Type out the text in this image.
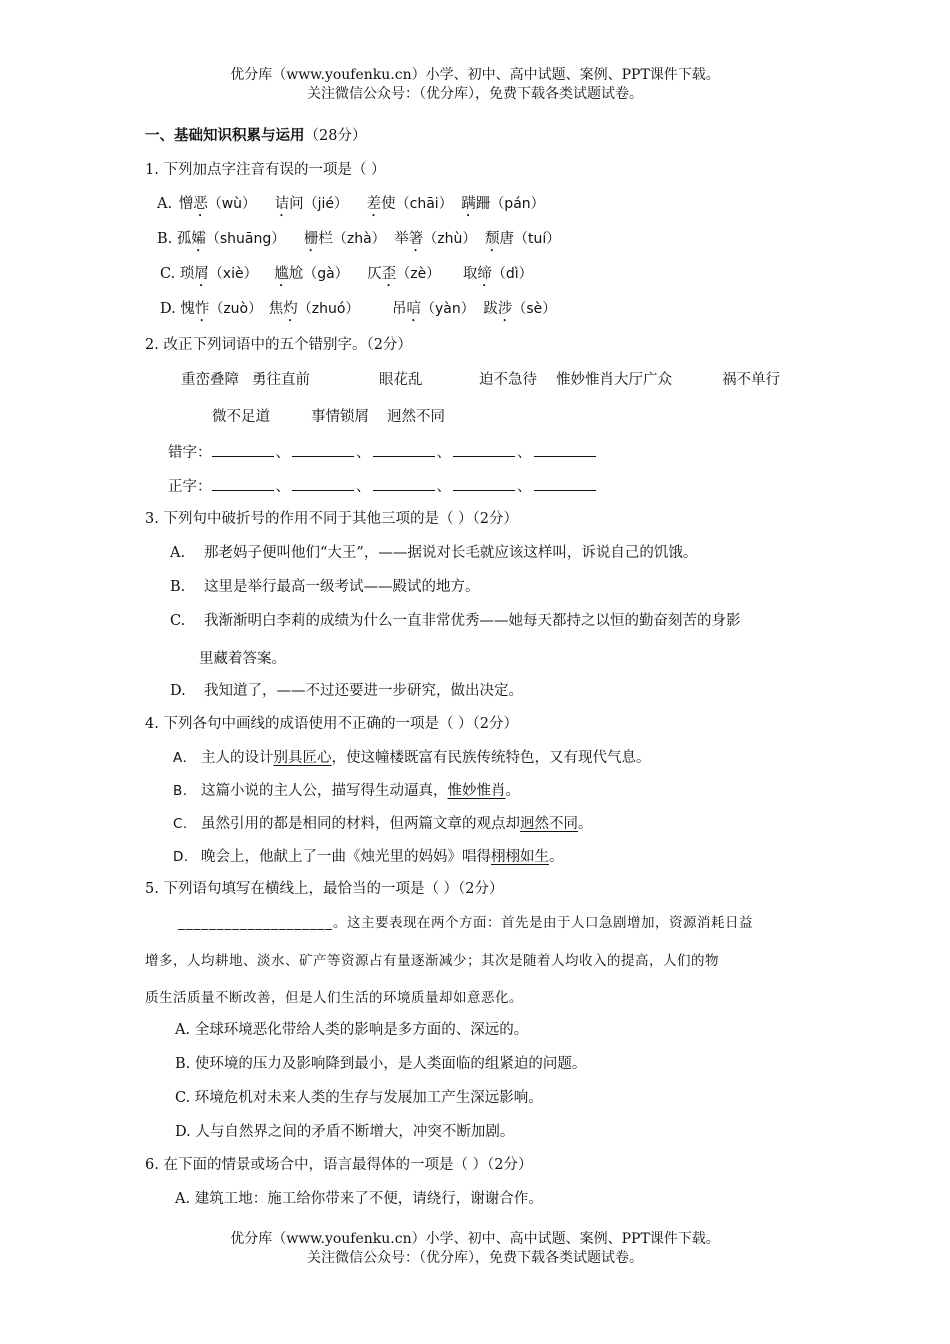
优分库（www.youfenku.cn）小学、初中、高中试题、案例、PPT课件下载。
关注微信公众号：（优分库），免费下载各类试题试卷。
一、基础知识积累与运用（28分）
1. 下列加点字注音有误的一项是（ ）
A. 憎恶（wù） 诘问（jié） 差使（chāi） 蹒跚（pán）
B. 孤孀（shuāng） 栅栏（zhà） 举箸（zhù） 颓唐（tuí）
C. 琐屑（xiè） 尴尬（gà） 仄歪（zè） 取缔（dì）
D. 愧怍（zuò） 焦灼（zhuó） 吊唁（yàn） 跋涉（sè）
2. 改正下列词语中的五个错别字。（2分）
重峦叠障 勇往直前	眼花乱	迫不急待 惟妙惟肖大厅广众	祸不单行
微不足道	事情锁屑 迥然不同
错字：	、	、	、	、
正字：	、	、	、	、
3. 下列句中破折号的作用不同于其他三项的是（ ）（2分）
A. 那老妈子便叫他们“大王”，——据说对长毛就应该这样叫，诉说自己的饥饿。
B. 这里是举行最高一级考试——殿试的地方。
C. 我渐渐明白李莉的成绩为什么一直非常优秀——她每天都持之以恒的勤奋刻苦的身影
里藏着答案。
D. 我知道了，——不过还要进一步研究，做出决定。
4. 下列各句中画线的成语使用不正确的一项是（ ）（2分）
A. 主人的设计别具匠心，使这幢楼既富有民族传统特色，又有现代气息。
B. 这篇小说的主人公，描写得生动逼真，惟妙惟肖。
C. 虽然引用的都是相同的材料，但两篇文章的观点却迥然不同。
D. 晚会上，他献上了一曲《烛光里的妈妈》唱得栩栩如生。
5. 下列语句填写在横线上，最恰当的一项是（ ）（2分）
____________________。这主要表现在两个方面：首先是由于人口急剧增加，资源消耗日益
增多，人均耕地、淡水、矿产等资源占有量逐渐减少；其次是随着人均收入的提高，人们的物
质生活质量不断改善，但是人们生活的环境质量却如意恶化。
A. 全球环境恶化带给人类的影响是多方面的、深远的。
B. 使环境的压力及影响降到最小，是人类面临的组紧迫的问题。
C. 环境危机对未来人类的生存与发展加工产生深远影响。
D. 人与自然界之间的矛盾不断增大，冲突不断加剧。
6. 在下面的情景或场合中，语言最得体的一项是（ ）（2分）
A. 建筑工地：施工给你带来了不便，请绕行，谢谢合作。
优分库（www.youfenku.cn）小学、初中、高中试题、案例、PPT课件下载。
关注微信公众号：（优分库），免费下载各类试题试卷。
